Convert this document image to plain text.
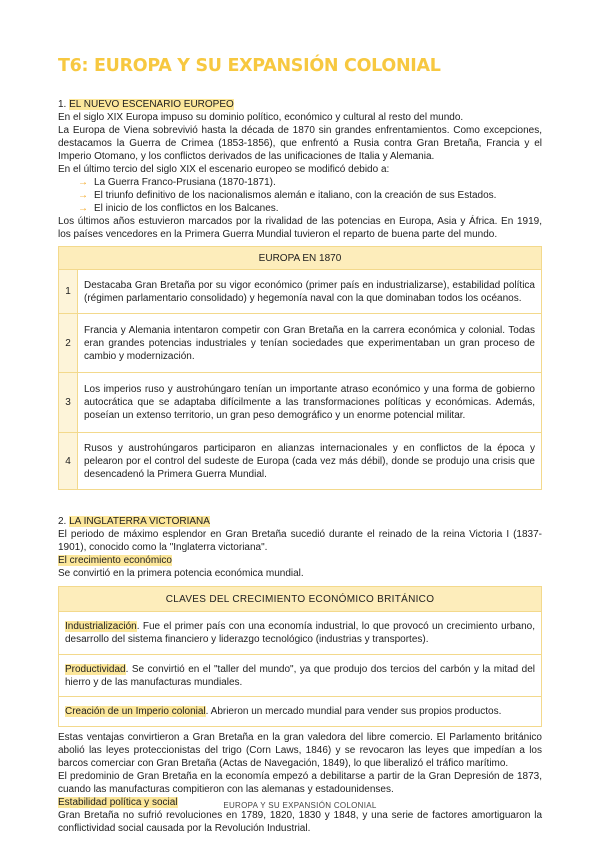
T6: EUROPA Y SU EXPANSIÓN COLONIAL

1. EL NUEVO ESCENARIO EUROPEO

En el siglo XIX Europa impuso su dominio político, económico y cultural al resto del mundo.

La Europa de Viena sobrevivió hasta la década de 1870 sin grandes enfrentamientos. Como excepciones, destacamos la Guerra de Crimea (1853-1856), que enfrentó a Rusia contra Gran Bretaña, Francia y el Imperio Otomano, y los conflictos derivados de las unificaciones de Italia y Alemania.

En el último tercio del siglo XIX el escenario europeo se modificó debido a:

→ La Guerra Franco-Prusiana (1870-1871).
→ El triunfo definitivo de los nacionalismos alemán e italiano, con la creación de sus Estados.
→ El inicio de los conflictos en los Balcanes.

Los últimos años estuvieron marcados por la rivalidad de las potencias en Europa, Asia y África. En 1919, los países vencedores en la Primera Guerra Mundial tuvieron el reparto de buena parte del mundo.

EUROPA EN 1870	
1	Destacaba Gran Bretaña por su vigor económico (primer país en industrializarse), estabilidad política (régimen parlamentario consolidado) y hegemonía naval con la que dominaban todos los océanos.
2	Francia y Alemania intentaron competir con Gran Bretaña en la carrera económica y colonial. Todas eran grandes potencias industriales y tenían sociedades que experimentaban un gran proceso de cambio y modernización.
3	Los imperios ruso y austrohúngaro tenían un importante atraso económico y una forma de gobierno autocrática que se adaptaba difícilmente a las transformaciones políticas y económicas. Además, poseían un extenso territorio, un gran peso demográfico y un enorme potencial militar.
4	Rusos y austrohúngaros participaron en alianzas internacionales y en conflictos de la época y pelearon por el control del sudeste de Europa (cada vez más débil), donde se produjo una crisis que desencadenó la Primera Guerra Mundial.

2. LA INGLATERRA VICTORIANA

El periodo de máximo esplendor en Gran Bretaña sucedió durante el reinado de la reina Victoria I (1837-1901), conocido como la "Inglaterra victoriana".

El crecimiento económico

Se convirtió en la primera potencia económica mundial.

CLAVES DEL CRECIMIENTO ECONÓMICO BRITÁNICO
Industrialización. Fue el primer país con una economía industrial, lo que provocó un crecimiento urbano, desarrollo del sistema financiero y liderazgo tecnológico (industrias y transportes).
Productividad. Se convirtió en el "taller del mundo", ya que produjo dos tercios del carbón y la mitad del hierro y de las manufacturas mundiales.
Creación de un Imperio colonial. Abrieron un mercado mundial para vender sus propios productos.

Estas ventajas convirtieron a Gran Bretaña en la gran valedora del libre comercio. El Parlamento británico abolió las leyes proteccionistas del trigo (Corn Laws, 1846) y se revocaron las leyes que impedían a los barcos comerciar con Gran Bretaña (Actas de Navegación, 1849), lo que liberalizó el tráfico marítimo.

El predominio de Gran Bretaña en la economía empezó a debilitarse a partir de la Gran Depresión de 1873, cuando las manufacturas compitieron con las alemanas y estadounidenses.

Estabilidad política y social

Gran Bretaña no sufrió revoluciones en 1789, 1820, 1830 y 1848, y una serie de factores amortiguaron la conflictividad social causada por la Revolución Industrial.

EUROPA Y SU EXPANSIÓN COLONIAL
